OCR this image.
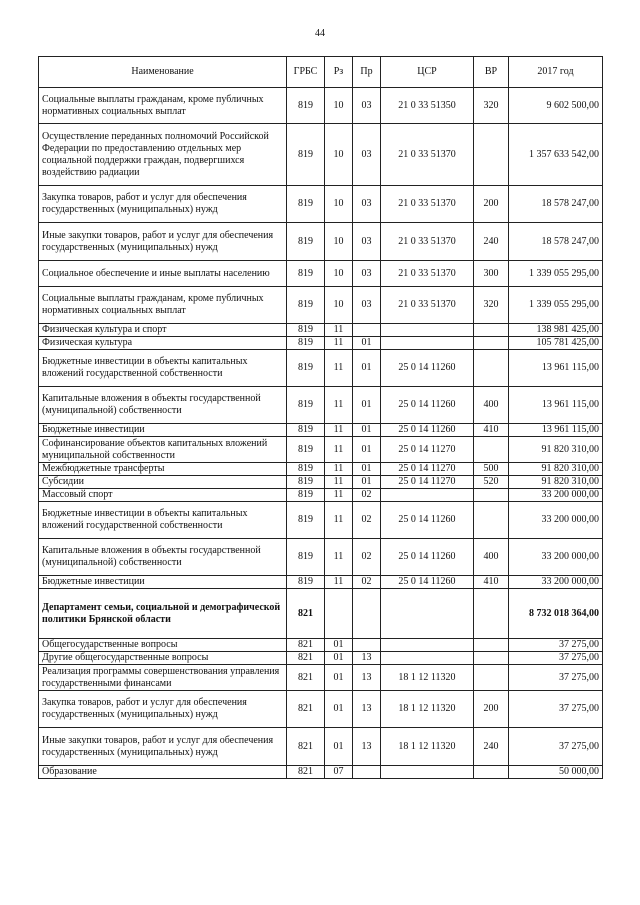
44
Наименование	ГРБС	Рз	Пр	ЦСР	ВР	2017 год
Социальные выплаты гражданам, кроме публичных нормативных социальных выплат	819	10	03	21 0 33 51350	320	9 602 500,00
Осуществление переданных полномочий Российской Федерации по предоставлению отдельных мер социальной поддержки граждан, подвергшихся воздействию радиации	819	10	03	21 0 33 51370		1 357 633 542,00
Закупка товаров, работ и услуг для обеспечения государственных (муниципальных) нужд	819	10	03	21 0 33 51370	200	18 578 247,00
Иные закупки товаров, работ и услуг для обеспечения государственных (муниципальных) нужд	819	10	03	21 0 33 51370	240	18 578 247,00
Социальное обеспечение и иные выплаты населению	819	10	03	21 0 33 51370	300	1 339 055 295,00
Социальные выплаты гражданам, кроме публичных нормативных социальных выплат	819	10	03	21 0 33 51370	320	1 339 055 295,00
Физическая культура и спорт	819	11				138 981 425,00
Физическая культура	819	11	01			105 781 425,00
Бюджетные инвестиции в объекты капитальных вложений государственной собственности	819	11	01	25 0 14 11260		13 961 115,00
Капитальные вложения в объекты государственной (муниципальной) собственности	819	11	01	25 0 14 11260	400	13 961 115,00
Бюджетные инвестиции	819	11	01	25 0 14 11260	410	13 961 115,00
Софинансирование объектов капитальных вложений муниципальной собственности	819	11	01	25 0 14 11270		91 820 310,00
Межбюджетные трансферты	819	11	01	25 0 14 11270	500	91 820 310,00
Субсидии	819	11	01	25 0 14 11270	520	91 820 310,00
Массовый спорт	819	11	02			33 200 000,00
Бюджетные инвестиции в объекты капитальных вложений государственной собственности	819	11	02	25 0 14 11260		33 200 000,00
Капитальные вложения в объекты государственной (муниципальной) собственности	819	11	02	25 0 14 11260	400	33 200 000,00
Бюджетные инвестиции	819	11	02	25 0 14 11260	410	33 200 000,00
Департамент семьи, социальной и демографической политики Брянской области	821					8 732 018 364,00
Общегосударственные вопросы	821	01				37 275,00
Другие общегосударственные вопросы	821	01	13			37 275,00
Реализация программы совершенствования управления государственными финансами	821	01	13	18 1 12 11320		37 275,00
Закупка товаров, работ и услуг для обеспечения государственных (муниципальных) нужд	821	01	13	18 1 12 11320	200	37 275,00
Иные закупки товаров, работ и услуг для обеспечения государственных (муниципальных) нужд	821	01	13	18 1 12 11320	240	37 275,00
Образование	821	07				50 000,00
